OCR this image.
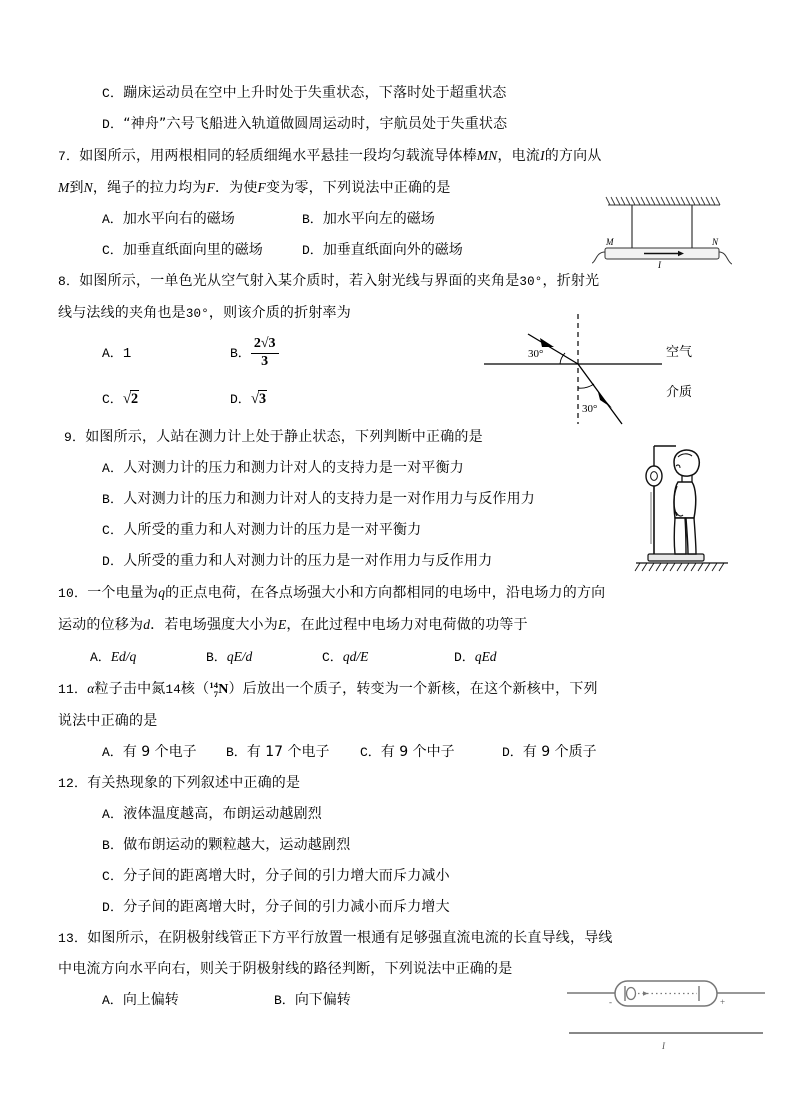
M	N
I
30°
30°
空气
介质
-	+
I
C．蹦床运动员在空中上升时处于失重状态，下落时处于超重状态
D．“神舟”六号飞船进入轨道做圆周运动时，宇航员处于失重状态
7．如图所示，用两根相同的轻质细绳水平悬挂一段均匀载流导体棒MN，电流I的方向从
M到N，绳子的拉力均为F．为使F变为零，下列说法中正确的是
A．加水平向右的磁场	B．加水平向左的磁场
C．加垂直纸面向里的磁场	D．加垂直纸面向外的磁场
8．如图所示，一单色光从空气射入某介质时，若入射光线与界面的夹角是30°，折射光
线与法线的夹角也是30°，则该介质的折射率为
A．1	B． $\frac{2√3}{3}$
C．√2	D．√3
9．如图所示，人站在测力计上处于静止状态，下列判断中正确的是
A．人对测力计的压力和测力计对人的支持力是一对平衡力
B．人对测力计的压力和测力计对人的支持力是一对作用力与反作用力
C．人所受的重力和人对测力计的压力是一对平衡力
D．人所受的重力和人对测力计的压力是一对作用力与反作用力
10．一个电量为q的正点电荷，在各点场强大小和方向都相同的电场中，沿电场力的方向
运动的位移为d．若电场强度大小为E，在此过程中电场力对电荷做的功等于
A．Ed/q	B．qE/d	C．qd/E	D．qEd
11．α粒子击中氮14核（ 14
7 N）后放出一个质子，转变为一个新核，在这个新核中，下列
说法中正确的是
A．有 9 个电子 B．有 17 个电子 C．有 9 个中子	D．有 9 个质子
12．有关热现象的下列叙述中正确的是
A．液体温度越高，布朗运动越剧烈
B．做布朗运动的颗粒越大，运动越剧烈
C．分子间的距离增大时，分子间的引力增大而斥力减小
D．分子间的距离增大时，分子间的引力减小而斥力增大
13．如图所示，在阴极射线管正下方平行放置一根通有足够强直流电流的长直导线，导线
中电流方向水平向右，则关于阴极射线的路径判断，下列说法中正确的是
A．向上偏转	B．向下偏转
